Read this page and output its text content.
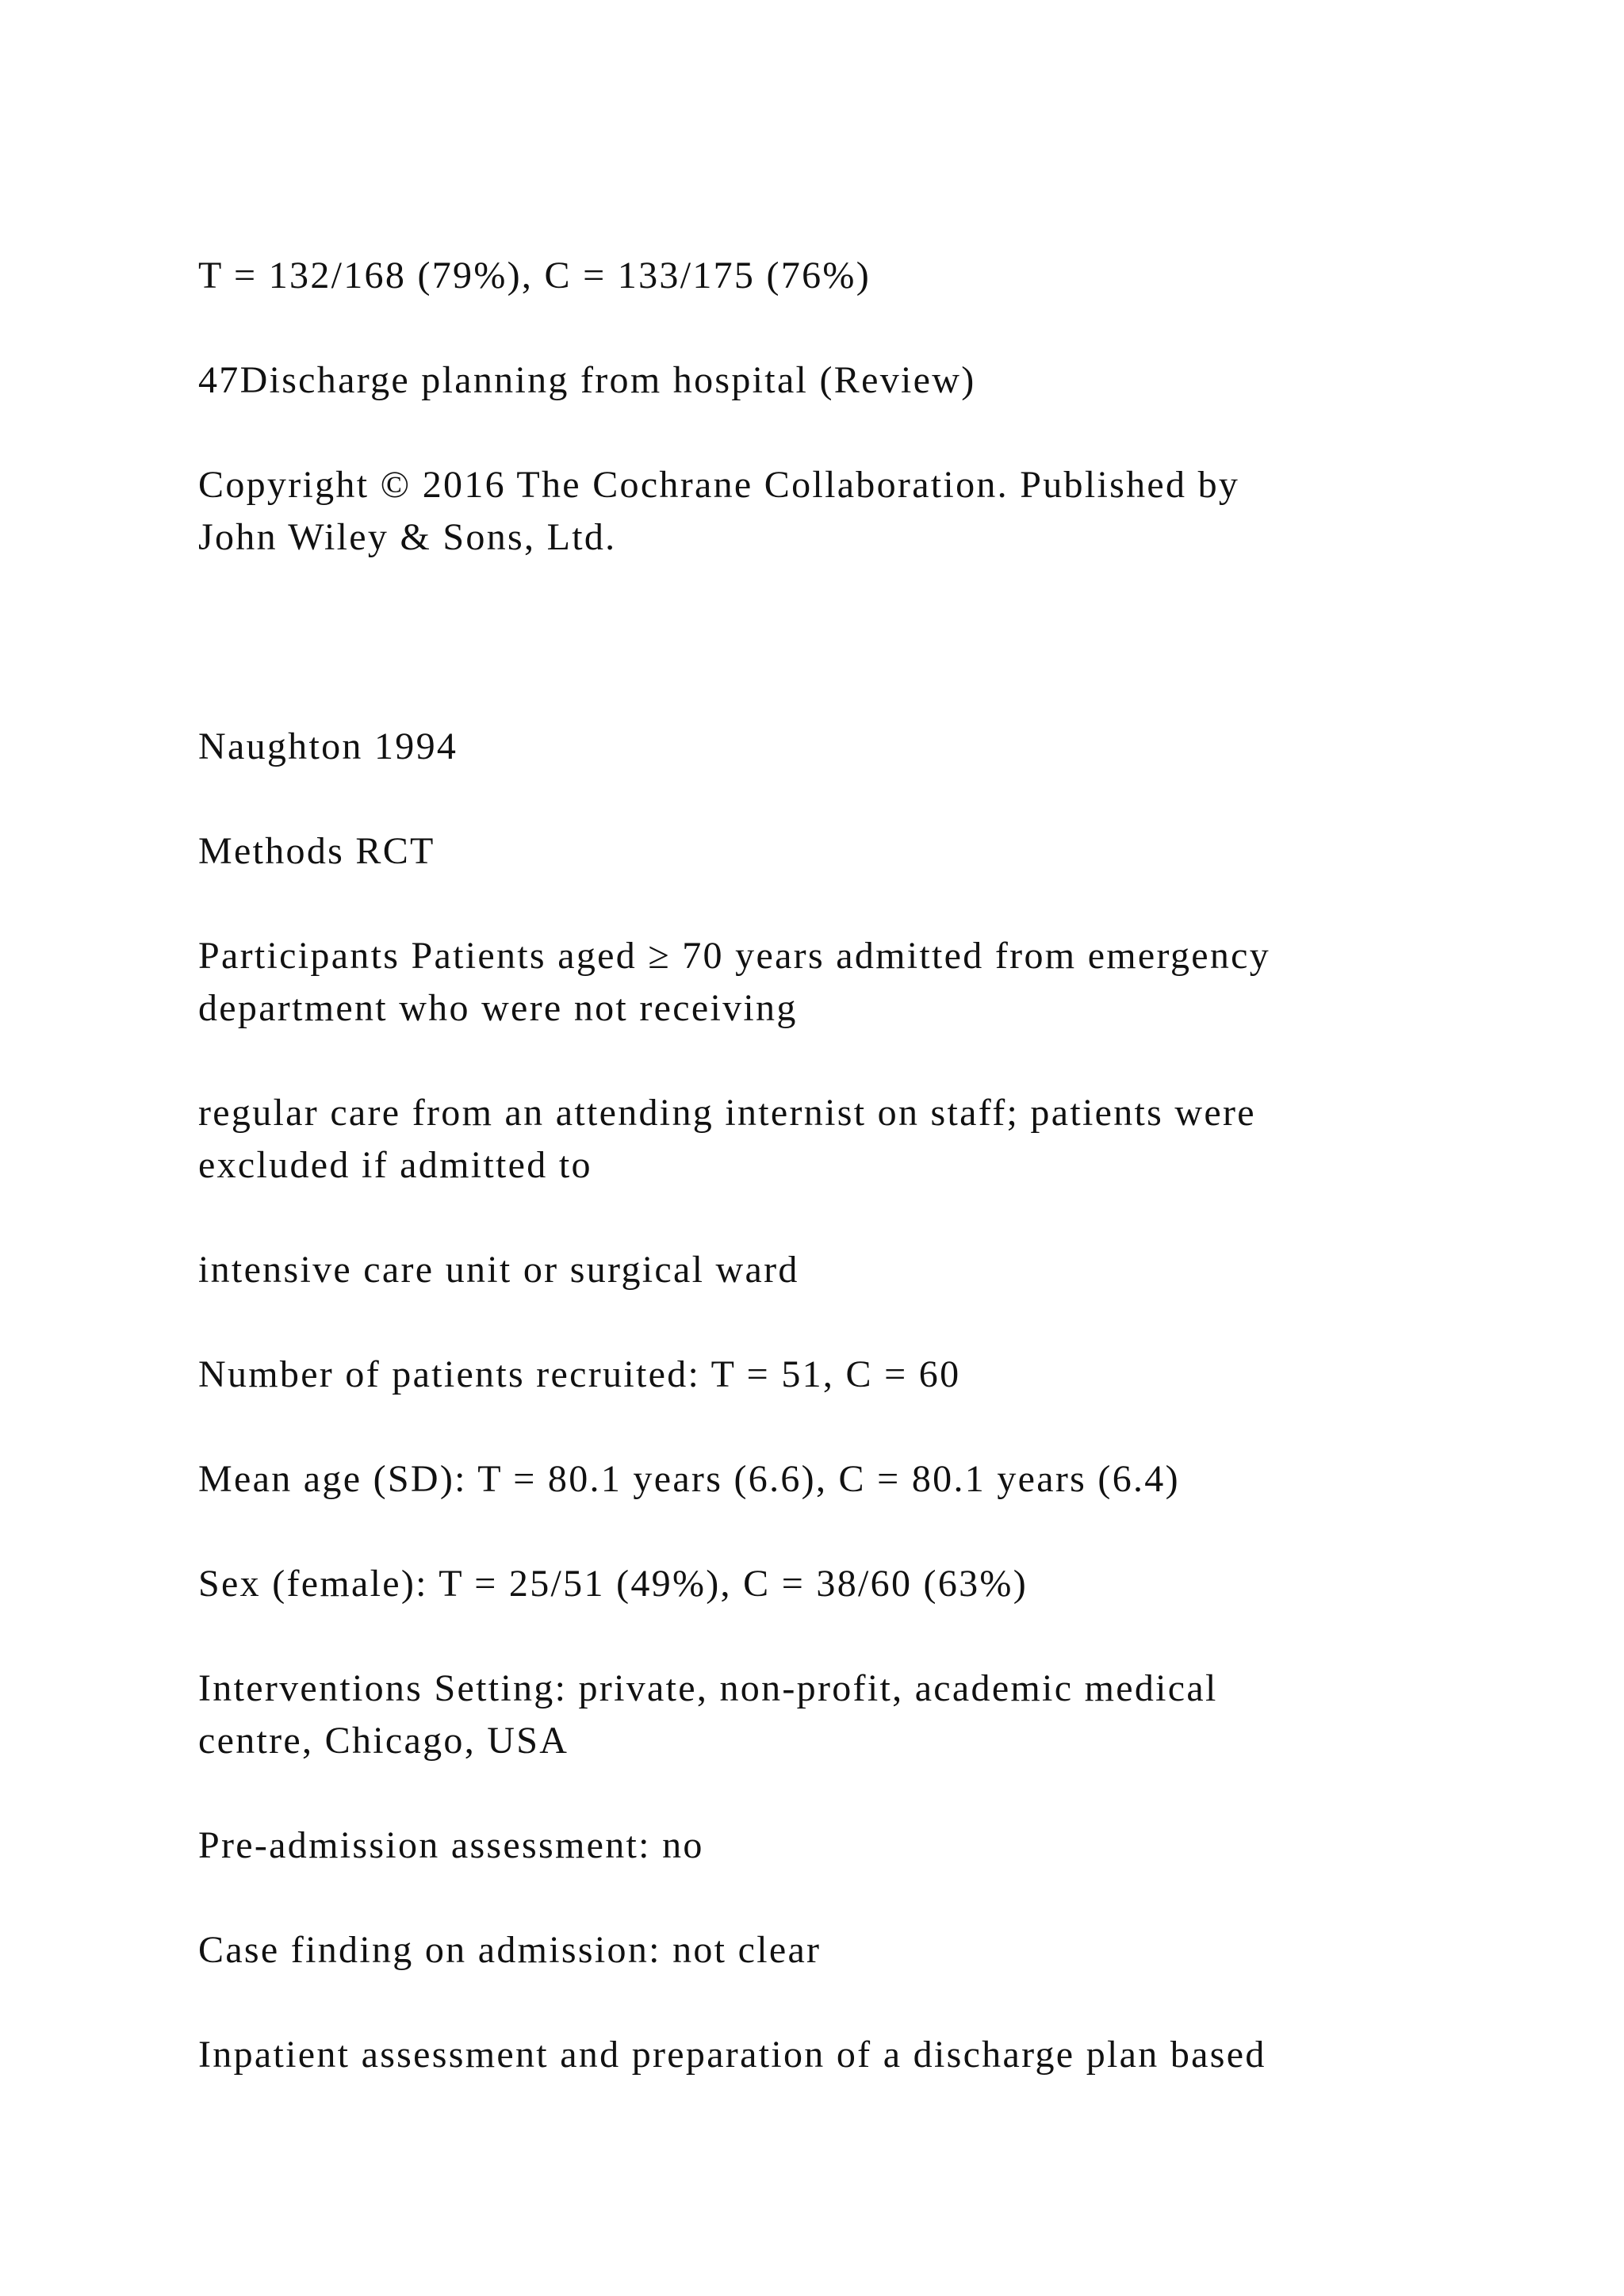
T = 132/168 (79%), C = 133/175 (76%)

47Discharge planning from hospital (Review)

Copyright © 2016 The Cochrane Collaboration. Published by

John Wiley & Sons, Ltd.

Naughton 1994

Methods RCT

Participants Patients aged ≥ 70 years admitted from emergency

department who were not receiving

regular care from an attending internist on staff; patients were

excluded if admitted to

intensive care unit or surgical ward

Number of patients recruited: T = 51, C = 60

Mean age (SD): T = 80.1 years (6.6), C = 80.1 years (6.4)

Sex (female): T = 25/51 (49%), C = 38/60 (63%)

Interventions Setting: private, non-profit, academic medical

centre, Chicago, USA

Pre-admission assessment: no

Case finding on admission: not clear

Inpatient assessment and preparation of a discharge plan based
